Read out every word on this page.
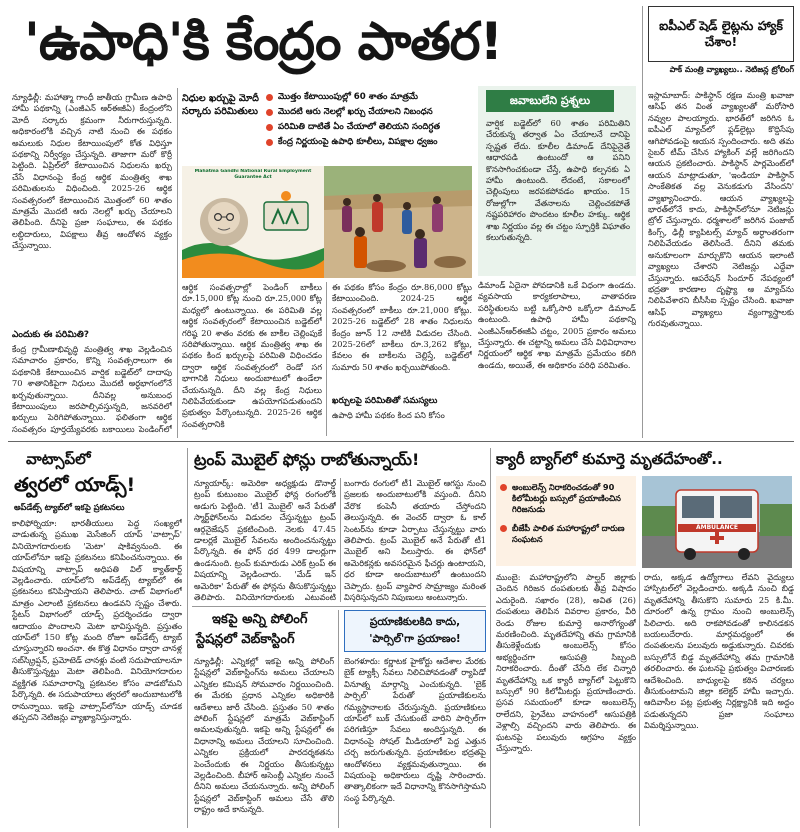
'ఉపాధి'కి కేంద్రం పాతర!
న్యూఢిల్లీ: మహాత్మా గాంధీ జాతీయ గ్రామీణ ఉపాధి హామీ పథకాన్ని (ఎంజీఎన్ ఆర్ఈజీఏ) కేంద్రంలోని మోదీ సర్కారు క్రమంగా నీరుగారుస్తున్నది. అధికారంలోకి వచ్చిన నాటి నుంచి ఈ పథకం అమలుకు నిధుల కేటాయింపులో కోత విధిస్తూ పథకాన్ని నిర్వీర్యం చేస్తున్నది. తాజాగా మరో కొర్రీ పెట్టింది. ఏప్రిల్‌లో కేటాయించిన నిధులను ఖర్చు చేసే విధానంపై కేంద్ర ఆర్థిక మంత్రిత్వ శాఖ పరిమితులను విధించింది. 2025-26 ఆర్థిక సంవత్సరంలో కేటాయించిన మొత్తంలో 60 శాతం మాత్రమే మొదటి ఆరు నెలల్లో ఖర్చు చేయాలని తెలిపింది. దీనిపై ప్రజా సంఘాలు, ఈ పథకం లబ్ధిదారులు, విపక్షాలు తీవ్ర ఆందోళన వ్యక్తం చేస్తున్నాయి.
ఎందుకు ఈ పరిమితి?
కేంద్ర గ్రామీణాభివృద్ధి మంత్రిత్వ శాఖ వెల్లడించిన సమాచారం ప్రకారం, కొన్ని సంవత్సరాలుగా ఈ పథకానికి కేటాయించిన వార్షిక బడ్జెట్‌లో దాదాపు 70 శాతానికిపైగా నిధులు మొదటి అర్ధభాగంలోనే ఖర్చవుతున్నాయి. దీనివల్ల అనుబంధ కేటాయింపులు జరపాల్సివస్తున్నది, జనవరిలో ఖర్చులు పెరిగిపోతున్నాయి. ఫలితంగా ఆర్థిక సంవత్సరం పూర్తయ్యేవరకు బకాయిలు పెండింగ్‌లో
నిధుల ఖర్చుపై మోదీ సర్కారు పరిమితులు
మొత్తం కేటాయింపుల్లో 60 శాతం మాత్రమే
మొదటి ఆరు నెలల్లో ఖర్చు చేయాలని నిబంధన
పరిమితి దాటితే ఏం చేయాలో తెలియని సందిగ్ధత
కేంద్ర నిర్ణయంపై ఉపాధి కూలీలు, విపక్షాల ధ్వజం
Mahatma Gandhi National Rural Employment Guarantee Act
ఆర్థిక సంవత్సరాల్లో పెండింగ్ బాకీలు రూ.15,000 కోట్ల నుంచి రూ.25,000 కోట్ల మధ్యలో ఉంటున్నాయి. ఈ పరిమితి వల్ల ఆర్థిక సంవత్సరంలో కేటాయించిన బడ్జెట్‌లో గరిష్ఠ 20 శాతం వరకు ఈ బాకీల చెల్లింపుకే సరిపోతున్నాయి. ఆర్థిక మంత్రిత్వ శాఖ ఈ పథకం కింద ఖర్చులపై పరిమితి విధించడం ద్వారా ఆర్థిక సంవత్సరంలో రెండో సగ భాగానికి నిధులు అందుబాటులో ఉండేలా చేయనున్నది. దీని వల్ల కేంద్ర నిధులు నిలిపివేయకుండా ఉపయోగపడుతుందని ప్రభుత్వం పేర్కొంటున్నది. 2025-26 ఆర్థిక సంవత్సరానికి
ఈ పథకం కోసం కేంద్రం రూ.86,000 కోట్లు కేటాయించింది. 2024-25 ఆర్థిక సంవత్సరంలో బాకీలు రూ.21,000 కోట్లు. 2025-26 బడ్జెట్‌లో 28 శాతం నిధులను కేంద్రం జూన్ 12 నాటికి విడుదల చేసింది. 2025-26లో బాకీలు రూ.3,262 కోట్లు, కేవలం ఈ బాకీలను చెల్లిస్తే, బడ్జెట్‌లో సుమారు 50 శాతం ఖర్చయిపోతుంది.
ఖర్చులపై పరిమితితో సమస్యలు
ఉపాధి హామీ పథకం కింద పని కోసం
జవాబులేని ప్రశ్నలు
వార్షిక బడ్జెట్‌లో 60 శాతం పరిమితిని చేరుకున్న తర్వాత ఏం చేయాలనే దానిపై స్పష్టత లేదు. కూలీల డిమాండ్ దేనిపైనైతే ఆధారపడి ఉంటుందో ఆ పనిని కొనసాగించకుండా చేస్తే, ఉపాధి కల్పనకు ఏ హామీ ఉంటుంది. లేదంటే, సకాలంలో చెల్లింపులు జరపకపోవడం ఖాయం. 15 రోజుల్లోగా వేతనాలను చెల్లించకపోతే నష్టపరిహారం పొందటం కూలీల హక్కు. ఆర్థిక శాఖ నిర్ణయం వల్ల ఈ చట్టం స్ఫూర్తికి విఘాతం కలుగుతున్నది.
డిమాండ్ ఏదైనా పోవడానికి ఒకే విధంగా ఉండదు. వ్యవసాయ కార్యకలాపాలు, వాతావరణ పరిస్థితులను బట్టి ఒక్కోసారి ఒక్కోలా డిమాండ్ ఉంటుంది. ఉపాధి హామీ పథకాన్ని ఎంజీఎన్ఆర్ఈజీఏ చట్టం, 2005 ప్రకారం అమలు చేస్తున్నారు. ఈ చట్టాన్ని అమలు చేసే విధివిధానాల నిర్ణయంలో ఆర్థిక శాఖ మాత్రమే ప్రమేయం కలిగి ఉండదు, అయితే, ఈ అధికారం పరిధి పరిమితం.
ఐపీఎల్ షెడ్ లైట్లను హ్యాక్ చేశాం!
పాక్ మంత్రి వ్యాఖ్యలు.. నెటిజన్ల ట్రోలింగ్
ఇస్లామాబాద్: పాకిస్థాన్ రక్షణ మంత్రి ఖవాజా ఆసిఫ్ తన వింత వ్యాఖ్యలతో మరోసారి నవ్వుల పాలయ్యారు. భారత్‌లో జరిగిన ఓ ఐపీఎల్ మ్యాచ్‌లో ఫ్లడ్‌లైట్లు కొద్దిసేపు ఆగిపోవడంపై ఆయన స్పందించారు. అది తమ సైబర్ టీమ్ చేసిన హ్యాకింగ్ వల్లే జరిగిందని ఆయన ప్రకటించారు. పాకిస్థాన్ పార్లమెంట్‌లో ఆయన మాట్లాడుతూ, 'ఇండియా పాకిస్థాన్ సాంకేతికత వల్ల వెనుకడుగు వేసిందని' వ్యాఖ్యానించారు. ఆయన వ్యాఖ్యలపై భారత్‌లోనే కాదు, పాకిస్థాన్‌లోనూ నెటిజన్లు ట్రోల్ చేస్తున్నారు. ధర్మశాలలో జరిగిన పంజాబ్ కింగ్స్, ఢిల్లీ క్యాపిటల్స్ మ్యాచ్ అర్ధాంతరంగా నిలిపివేయడం తెలిసిందే. దీనిని తమకు అనుకూలంగా మార్చుకొని ఆయన ఇలాంటి వ్యాఖ్యలు చేశారని నెటిజన్లు ఎద్దేవా చేస్తున్నారు. ఆపరేషన్ సిందూర్ నేపథ్యంలో భద్రతా కారణాల దృష్ట్యా ఆ మ్యాచ్‌ను నిలిపివేశారని బీసీసీఐ స్పష్టం చేసింది. ఖవాజా ఆసిఫ్ వ్యాఖ్యలు వ్యంగ్యాస్త్రాలకు గురవుతున్నాయి.
వాట్సాప్‌లో
త్వరలో యాడ్స్!
అప్‌డేట్స్ ట్యాబ్‌లో ఇకపై ప్రకటనలు
కాలిఫోర్నియా: భారతీయులు పెద్ద సంఖ్యలో వాడుతున్న ప్రముఖ మెసేజింగ్ యాప్ 'వాట్సాప్' వినియోగదారులకు 'మెటా' షాకివ్వనుంది. ఈ యాప్‌లోనూ ఇకపై ప్రకటనలు కనిపించనున్నాయి. ఈ విషయాన్ని వాట్సాప్ అధిపతి విల్ క్యాత్‌కార్ట్ వెల్లడించారు. యాప్‌లోని అప్‌డేట్స్ ట్యాబ్‌లో ఈ ప్రకటనలు కనిపిస్తాయని తెలిపారు. చాట్ విభాగంలో మాత్రం ఎలాంటి ప్రకటనలు ఉండవని స్పష్టం చేశారు. స్టేటస్ విభాగంలో యాడ్స్ ప్రదర్శించడం ద్వారా ఆదాయం పొందాలని మెటా భావిస్తున్నది. ప్రస్తుతం యాప్‌లో 150 కోట్ల మంది రోజూ అప్‌డేట్స్ ట్యాబ్ చూస్తున్నారని అంచనా. ఈ కొత్త విధానం ద్వారా చానళ్ల సబ్‌స్క్రిప్షన్, ప్రమోటెడ్ చానళ్లు వంటి సదుపాయాలనూ తీసుకొస్తున్నట్టు మెటా తెలిపింది. వినియోగదారుల వ్యక్తిగత సమాచారాన్ని ప్రకటనల కోసం వాడబోమని పేర్కొన్నది. ఈ సదుపాయాలు త్వరలో అందుబాటులోకి రానున్నాయి. ఇకపై వాట్సాప్‌లోనూ యాడ్స్ చూడక తప్పదని నెటిజన్లు వ్యాఖ్యానిస్తున్నారు.
ట్రంప్ మొబైల్ ఫోన్లు రాబోతున్నాయ్!
న్యూయార్క్: అమెరికా అధ్యక్షుడు డొనాల్డ్ ట్రంప్ కుటుంబం మొబైల్ ఫోన్ల రంగంలోకి అడుగు పెట్టింది. 'టీ1 మొబైల్' అనే పేరుతో స్మార్ట్‌ఫోన్‌లను విడుదల చేస్తున్నట్టు ట్రంప్ ఆర్గనైజేషన్ ప్రకటించింది. నెలకు 47.45 డాలర్లకే మొబైల్ సేవలను అందించనున్నట్టు పేర్కొన్నది. ఈ ఫోన్ ధర 499 డాలర్లుగా ఉండనుంది. ట్రంప్ కుమారుడు ఎరిక్ ట్రంప్ ఈ విషయాన్ని వెల్లడించారు. 'మేడ్ ఇన్ అమెరికా' పేరుతో ఈ ఫోన్లను తీసుకొస్తున్నట్టు తెలిపారు. వినియోగదారులకు ఎటువంటి
బంగారు రంగులో టీ1 మొబైల్ ఆగస్టు నుంచి ప్రజలకు అందుబాటులోకి వస్తుంది. దీనిని వేరొక కంపెనీ తయారు చేస్తోందని తెలుస్తున్నది. ఈ వెంచర్ ద్వారా ఓ కాల్ సెంటర్‌ను కూడా ఏర్పాటు చేస్తున్నట్టు వారు తెలిపారు. ట్రంప్ మొబైల్ అనే పేరుతో టీ1 మొబైల్ అని పిలుస్తారు. ఈ ఫోన్‌లో అమెరికన్లకు అవసరమైన ఫీచర్లు ఉంటాయని, ధర కూడా అందుబాటులో ఉంటుందని చెప్పారు. ట్రంప్ వ్యాపార సామ్రాజ్యం మరింత విస్తరిస్తున్నదని నిపుణులు అంటున్నారు.
ఇకపై అన్ని పోలింగ్
స్టేషన్లలో వెబ్‌కాస్టింగ్
న్యూఢిల్లీ: ఎన్నికల్లో ఇకపై అన్ని పోలింగ్ స్టేషన్లలో వెబ్‌కాస్టింగ్‌ను అమలు చేయాలని ఎన్నికల కమిషన్ సోమవారం నిర్ణయించింది. ఈ మేరకు ప్రధాన ఎన్నికల అధికారికి ఆదేశాలు జారీ చేసింది. ప్రస్తుతం 50 శాతం పోలింగ్ స్టేషన్లలో మాత్రమే వెబ్‌కాస్టింగ్ అమలవుతున్నది. ఇకపై అన్ని స్టేషన్లలో ఈ విధానాన్ని అమలు చేయాలని సూచించింది. ఎన్నికల ప్రక్రియలో పారదర్శకతను పెంచేందుకు ఈ నిర్ణయం తీసుకున్నట్టు వెల్లడించింది. బీహార్ అసెంబ్లీ ఎన్నికల నుంచే దీనిని అమలు చేయనున్నారు. అన్ని పోలింగ్ స్టేషన్లలో వెబ్‌కాస్టింగ్ అమలు చేసే తొలి రాష్ట్రం అదే కానున్నది.
ప్రయాణికులకిది కాదు,
'పార్సిల్'గా ప్రయాణం!
బెంగళూరు: కర్ణాటక హైకోర్టు ఆదేశాల మేరకు బైక్ ట్యాక్సీ సేవలు నిలిచిపోవడంతో ర్యాపిడో వినూత్న మార్గాన్ని ఎంచుకున్నది. 'బైక్ పార్సిల్' పేరుతో ప్రయాణికులను గమ్యస్థానాలకు చేరుస్తున్నది. ప్రయాణికులు యాప్‌లో బుక్ చేసుకుంటే వారిని పార్సిల్‌గా పరిగణిస్తూ సేవలు అందిస్తున్నది. ఈ విధానంపై సోషల్ మీడియాలో పెద్ద ఎత్తున చర్చ జరుగుతున్నది. ప్రయాణికుల భద్రతపై ఆందోళనలు వ్యక్తమవుతున్నాయి. ఈ విషయంపై అధికారులు దృష్టి సారించారు. తాత్కాలికంగా ఇదే విధానాన్ని కొనసాగిస్తామని సంస్థ పేర్కొన్నది.
క్యారీ బ్యాగ్‌లో కుమార్తె మృతదేహంతో..
అంబులెన్స్ నిరాకరించడంతో 90 కిలోమీటర్లు బస్సులో ప్రయాణించిన గిరిజనుడు
బీజేపీ పాలిత మహారాష్ట్రలో దారుణ సంఘటన
AMBULANCE
ముంబై: మహారాష్ట్రలోని పాల్ఘర్ జిల్లాకు చెందిన గిరిజన దంపతులకు తీవ్ర విషాదం ఎదురైంది. సఖారం (28), అవిత (26) దంపతులు తెలిపిన వివరాల ప్రకారం, వీరి రెండు రోజుల కుమార్తె అనారోగ్యంతో మరణించింది. మృతదేహాన్ని తమ గ్రామానికి తీసుకెళ్లేందుకు అంబులెన్స్ కోసం అభ్యర్థించగా ఆసుపత్రి సిబ్బంది నిరాకరించారు. దీంతో చేసేది లేక చిన్నారి మృతదేహాన్ని ఒక క్యారీ బ్యాగ్‌లో పెట్టుకొని బస్సులో 90 కిలోమీటర్లు ప్రయాణించారు. ప్రసవ సమయంలో కూడా అంబులెన్స్ రాలేదని, ప్రైవేటు వాహనంలో ఆసుపత్రికి వెళ్లాల్సి వచ్చిందని వారు తెలిపారు. ఈ ఘటనపై పలువురు ఆగ్రహం వ్యక్తం చేస్తున్నారు.
రాదు, అక్కడ ఉద్యోగాలు లేవని వైద్యులు హాస్పిటల్‌లో వెల్లడించారు. అక్కడి నుంచి బిడ్డ మృతదేహాన్ని తీసుకొని సుమారు 25 కి.మీ. దూరంలో ఉన్న గ్రామం నుంచి అంబులెన్స్ పిలిచారు. అది రాకపోవడంతో కాలినడకన బయలుదేరారు. మార్గమధ్యంలో ఈ దంపతులను పలువురు అడ్డుకున్నారు. చివరకు బస్సులోనే బిడ్డ మృతదేహాన్ని తమ గ్రామానికి తరలించారు. ఈ ఘటనపై ప్రభుత్వం విచారణకు ఆదేశించింది. బాధ్యులపై కఠిన చర్యలు తీసుకుంటామని జిల్లా కలెక్టర్ హామీ ఇచ్చారు. ఆదివాసీల పట్ల ప్రభుత్వ నిర్లక్ష్యానికి ఇది అద్దం పడుతున్నదని ప్రజా సంఘాలు విమర్శిస్తున్నాయి.
